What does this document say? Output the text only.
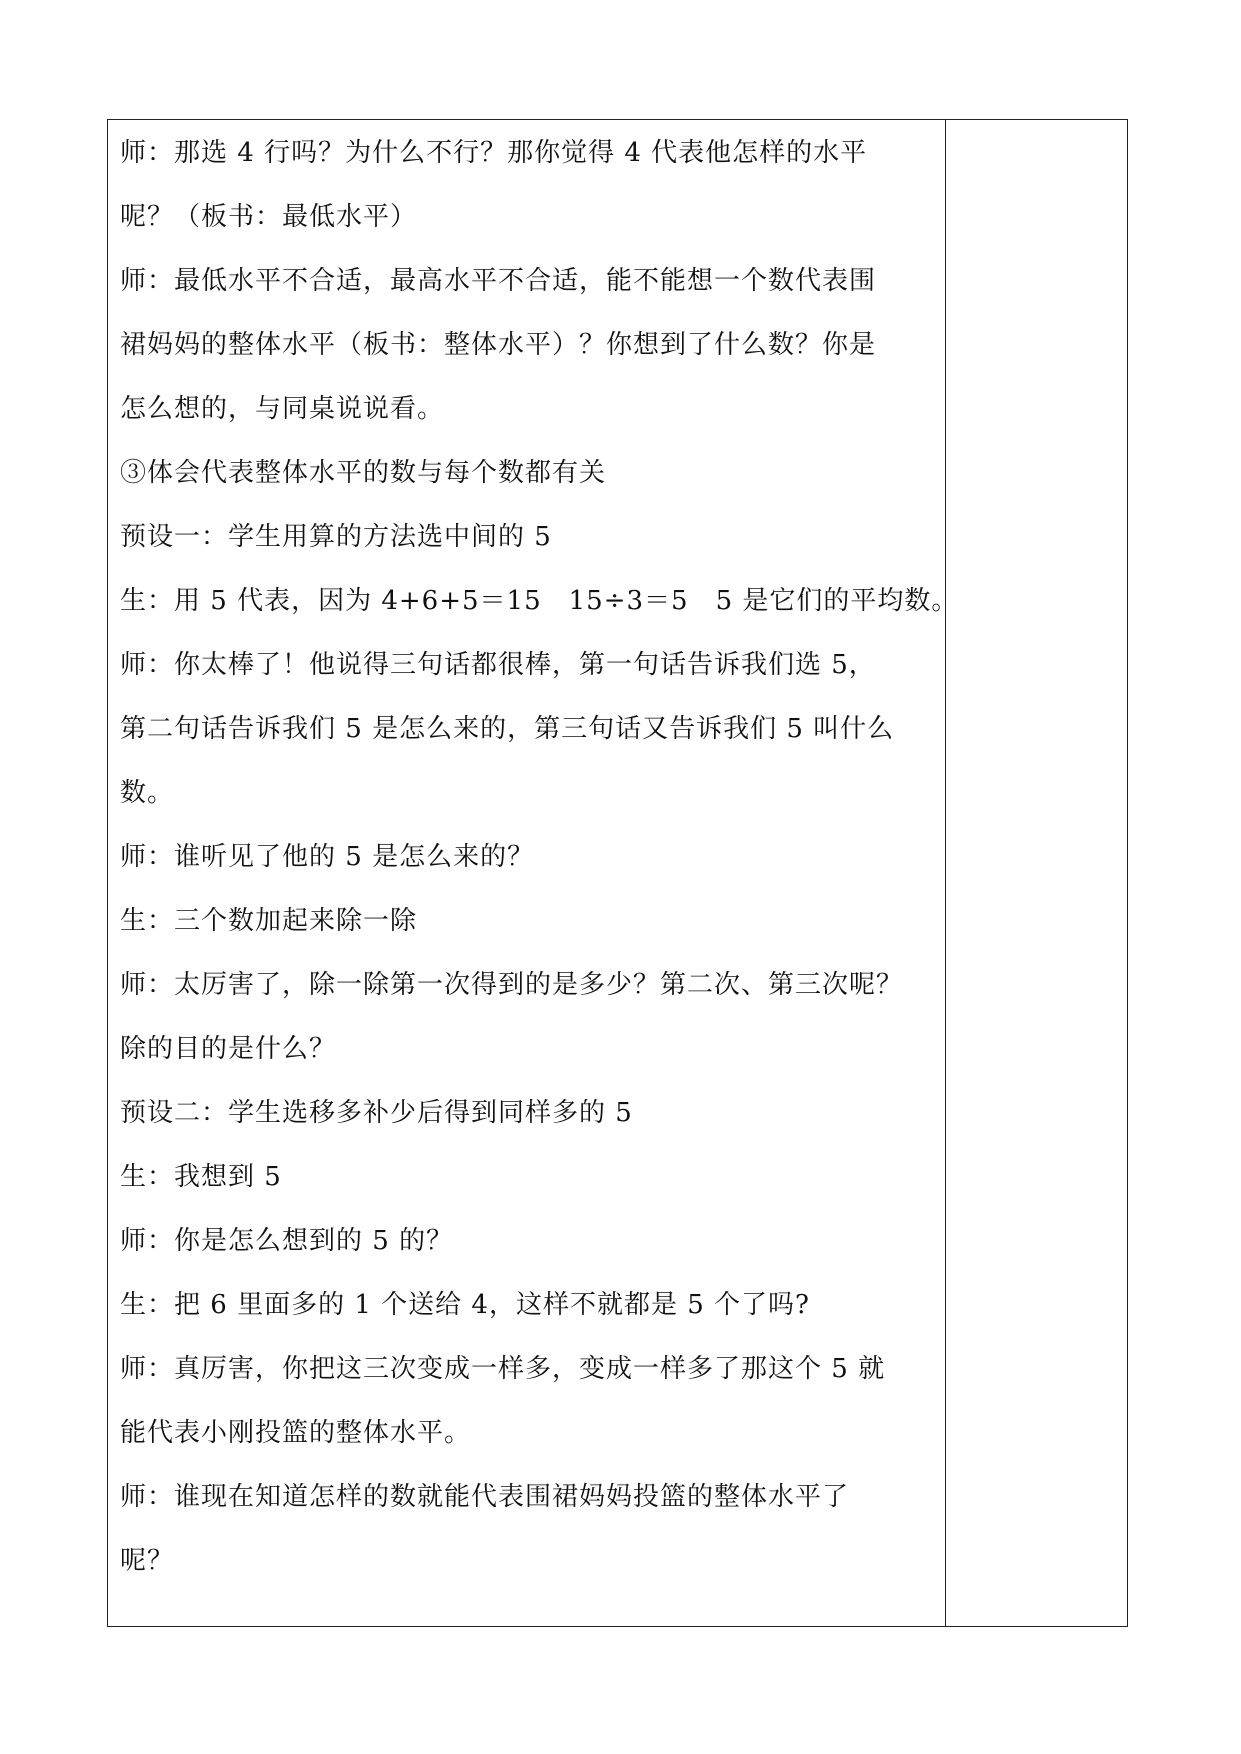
师：那选 4 行吗？为什么不行？那你觉得 4 代表他怎样的水平
呢？（板书：最低水平）
师：最低水平不合适，最高水平不合适，能不能想一个数代表围
裙妈妈的整体水平（板书：整体水平）？你想到了什么数？你是
怎么想的，与同桌说说看。
③体会代表整体水平的数与每个数都有关
预设一：学生用算的方法选中间的 5
生：用 5 代表，因为 4+6+5＝15　15÷3＝5　5 是它们的平均数。
师：你太棒了！他说得三句话都很棒，第一句话告诉我们选 5，
第二句话告诉我们 5 是怎么来的，第三句话又告诉我们 5 叫什么
数。
师：谁听见了他的 5 是怎么来的？
生：三个数加起来除一除
师：太厉害了，除一除第一次得到的是多少？第二次、第三次呢？
除的目的是什么？
预设二：学生选移多补少后得到同样多的 5
生：我想到 5
师：你是怎么想到的 5 的？
生：把 6 里面多的 1 个送给 4，这样不就都是 5 个了吗?
师：真厉害，你把这三次变成一样多，变成一样多了那这个 5 就
能代表小刚投篮的整体水平。
师：谁现在知道怎样的数就能代表围裙妈妈投篮的整体水平了
呢？
